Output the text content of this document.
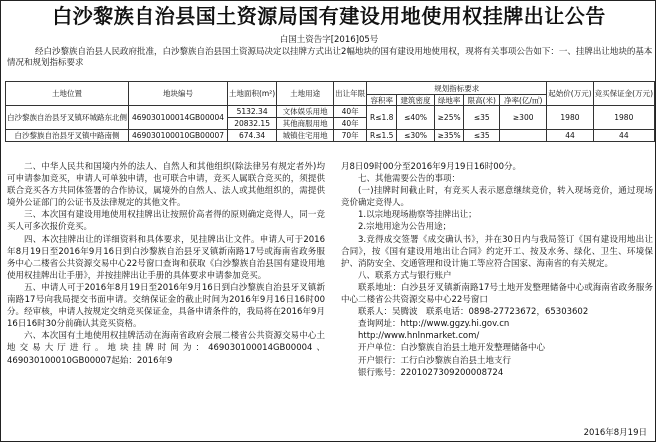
白沙黎族自治县国土资源局国有建设用地使用权挂牌出让公告
白国土资告字[2016]05号
经白沙黎族自治县人民政府批准，白沙黎族自治县国土资源局决定以挂牌方式出让2幅地块的国有建设用地使用权，现将有关事项公告如下：一、挂牌出让地块的基本情况和规划指标要求
土地位置	地块编号	土地面积(m²)	土地用途	出让年限	规划指标要求					起始价(万元)	竞买保证金(万元)
					容积率	建筑密度	绿地率	限高(米)	净率(亿/㎡)		
白沙黎族自治县牙叉镇环城路东北侧	469030100014GB00004	5132.34	文体娱乐用地	40年	R≤1.8	≤40%	≥25%	≤35	≥300	1980	1980
		20832.15	其他商服用地	40年							
白沙黎族自治县牙叉镇中路南侧	469030100010GB00007	674.34	城镇住宅用地	70年	R≤1.5	≤30%	≥35%	≤35		44	44

二、中华人民共和国境内外的法人、自然人和其他组织(除法律另有规定者外)均可申请参加竞买，申请人可单独申请，也可联合申请，竞买人属联合竞买的，须提供联合竞买各方共同体签署的合作协议，属境外的自然人、法人或其他组织的，需提供境外公证部门的公证书及法律规定的其他文件。

三、本次国有建设用地使用权挂牌出让按照价高者得的原则确定竞得人，同一竞买人可多次报价竞买。

四、本次挂牌出让的详细资料和具体要求，见挂牌出让文件。申请人可于2016年8月19日至2016年9月16日到白沙黎族自治县牙叉镇新南路17号或海南省政务服务中心二楼省公共资源交易中心22号窗口查询和获取《白沙黎族自治县国有建设用地使用权挂牌出让手册》，并按挂牌出让手册的具体要求申请参加竞买。

五、申请人可于2016年8月19日至2016年9月16日到白沙黎族自治县牙叉镇新南路17号向我局提交书面申请。交纳保证金的截止时间为2016年9月16日16时00分。经审核，申请人按规定交纳竞买保证金，具备申请条件的，我局将在2016年9月16日16时30分前确认其竞买资格。

六、本次国有土地使用权挂牌活动在海南省政府会展二楼省公共资源交易中心土地交易大厅进行。地块挂牌时间为：469030100014GB00004、469030100010GB00007起始：2016年9

月8日09时00分至2016年9月19日16时00分。

七、其他需要公告的事项：

(一)挂牌时间截止时，有竞买人表示愿意继续竞价，转入现场竞价，通过现场竞价确定竞得人。

1.以宗地现场勘察等挂牌出让；

2.宗地用途为公告用途；

3.竞得成交签署《成交确认书》，并在30日内与我局签订《国有建设用地出让合同》，按《国有建设用地出让合同》约定开工、按及水务、绿化、卫生、环境保护、消防安全、交通管理和设计施工等应符合国家、海南省的有关规定。

八、联系方式与银行账户

联系地址：白沙县牙叉镇新南路17号土地开发整理储备中心或海南省政务服务中心二楼省公共资源交易中心22号窗口

联系人：吴腾波　联系电话：0898-27723672，65303602

查询网址：http://www.ggzy.hi.gov.cn

http://www.hnlnmarket.com/

开户单位：白沙黎族自治县土地开发整理储备中心

开户银行：工行白沙黎族自治县土地支行

银行账号：2201027309200008724

2016年8月19日
